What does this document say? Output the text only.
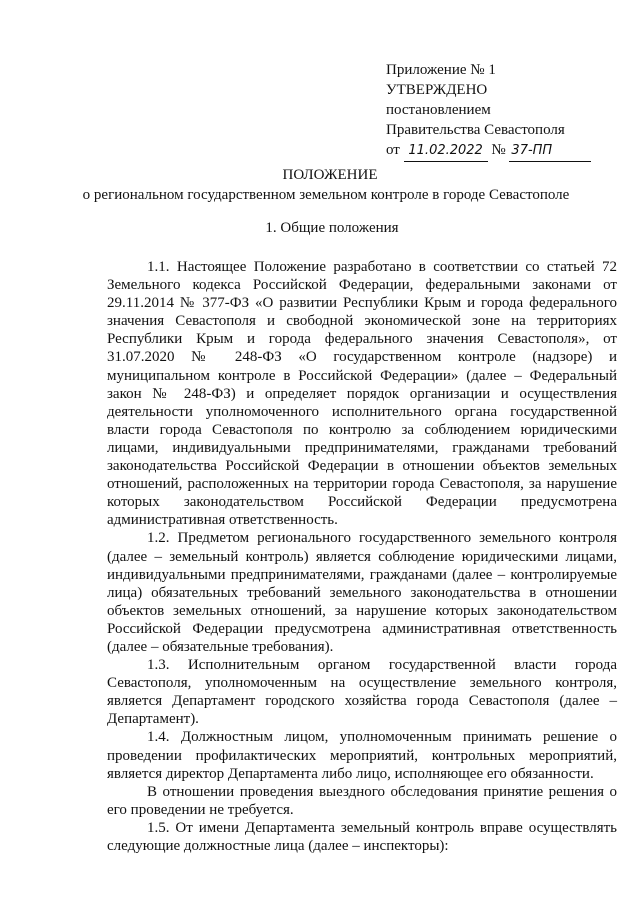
Приложение № 1
УТВЕРЖДЕНО
постановлением
Правительства Севастополя
от 11.02.2022 № 37-ПП
ПОЛОЖЕНИЕ
о региональном государственном земельном контроле в городе Севастополе
1. Общие положения

1.1. Настоящее Положение разработано в соответствии со статьей 72 Земельного кодекса Российской Федерации, федеральными законами от 29.11.2014 № 377-ФЗ «О развитии Республики Крым и города федерального значения Севастополя и свободной экономической зоне на территориях Республики Крым и города федерального значения Севастополя», от 31.07.2020 № 248-ФЗ «О государственном контроле (надзоре) и муниципальном контроле в Российской Федерации» (далее – Федеральный закон № 248-ФЗ) и определяет порядок организации и осуществления деятельности уполномоченного исполнительного органа государственной власти города Севастополя по контролю за соблюдением юридическими лицами, индивидуальными предпринимателями, гражданами требований законодательства Российской Федерации в отношении объектов земельных отношений, расположенных на территории города Севастополя, за нарушение которых законодательством Российской Федерации предусмотрена административная ответственность.

1.2. Предметом регионального государственного земельного контроля (далее – земельный контроль) является соблюдение юридическими лицами, индивидуальными предпринимателями, гражданами (далее – контролируемые лица) обязательных требований земельного законодательства в отношении объектов земельных отношений, за нарушение которых законодательством Российской Федерации предусмотрена административная ответственность (далее – обязательные требования).

1.3. Исполнительным органом государственной власти города Севастополя, уполномоченным на осуществление земельного контроля, является Департамент городского хозяйства города Севастополя (далее – Департамент).

1.4. Должностным лицом, уполномоченным принимать решение о проведении профилактических мероприятий, контрольных мероприятий, является директор Департамента либо лицо, исполняющее его обязанности.

В отношении проведения выездного обследования принятие решения о его проведении не требуется.

1.5. От имени Департамента земельный контроль вправе осуществлять следующие должностные лица (далее – инспекторы):
